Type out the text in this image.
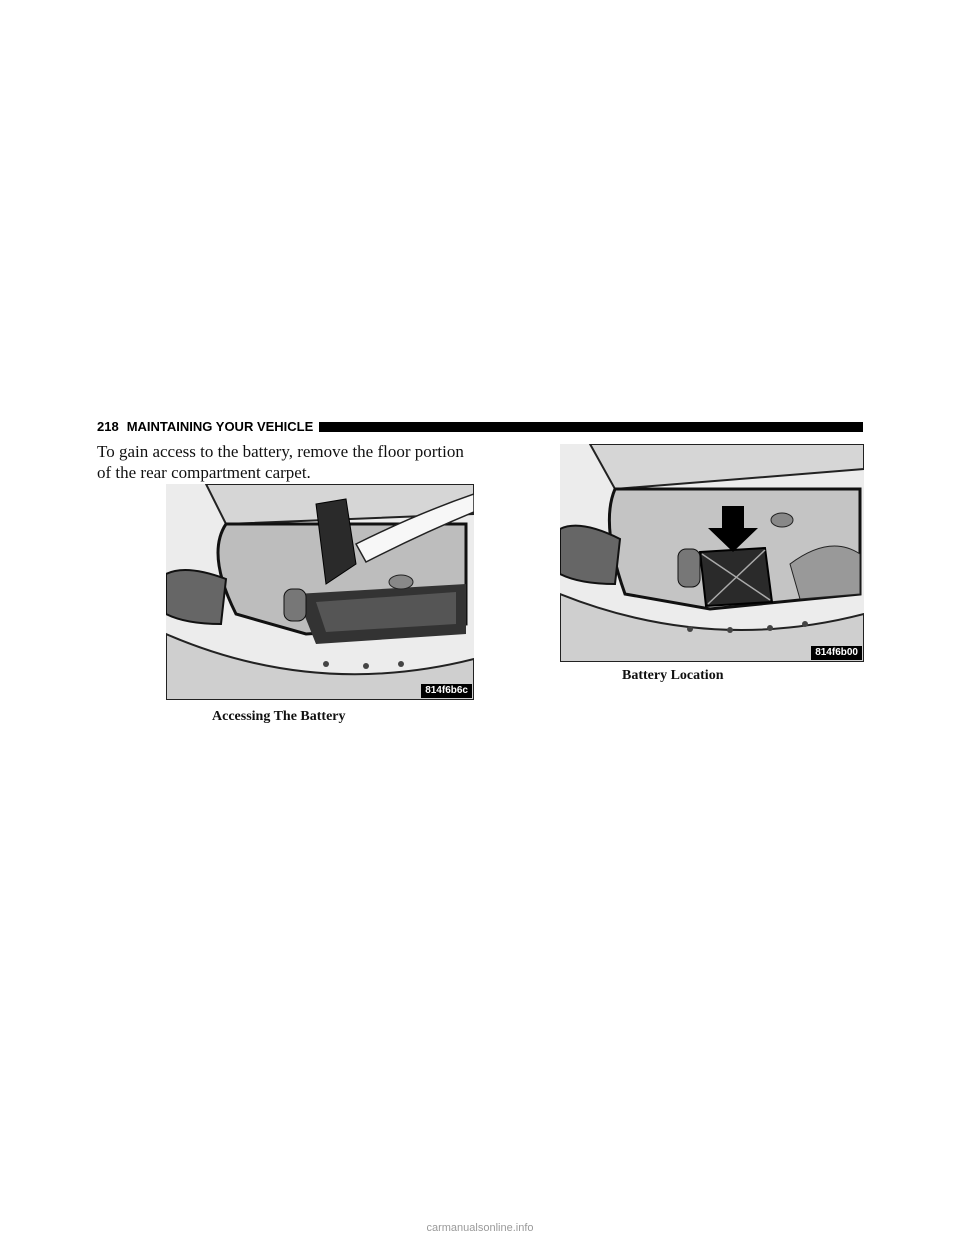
218 MAINTAINING YOUR VEHICLE

To gain access to the battery, remove the floor portion of the rear compartment carpet.

814f6b6c
Accessing The Battery
814f6b00
Battery Location
carmanualsonline.info
